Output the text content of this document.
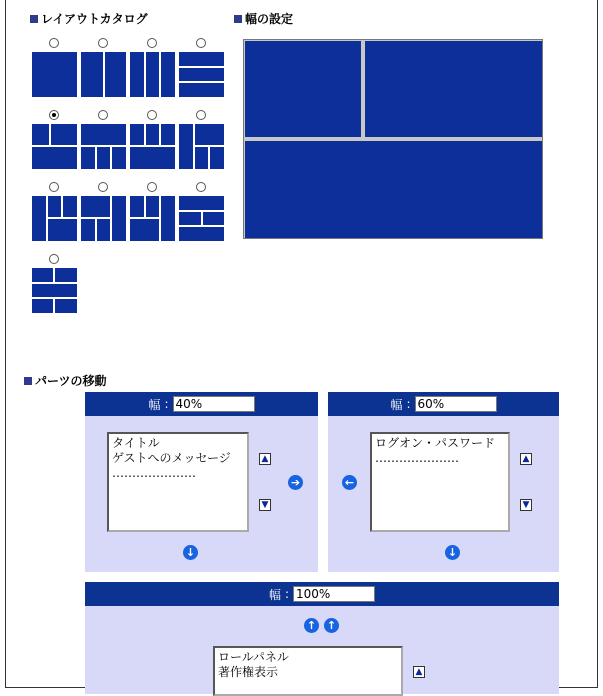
レイアウトカタログ	幅の設定
パーツの移動
幅 :
40%
タイトル
ゲストへのメッセージ
…………………
▲
▼
➔
↓
幅 :
60%
←
ログオン・パスワード
…………………	▲
▼
↓
幅 :
100%
↑ ↑
ロールパネル
著作権表示	▲
